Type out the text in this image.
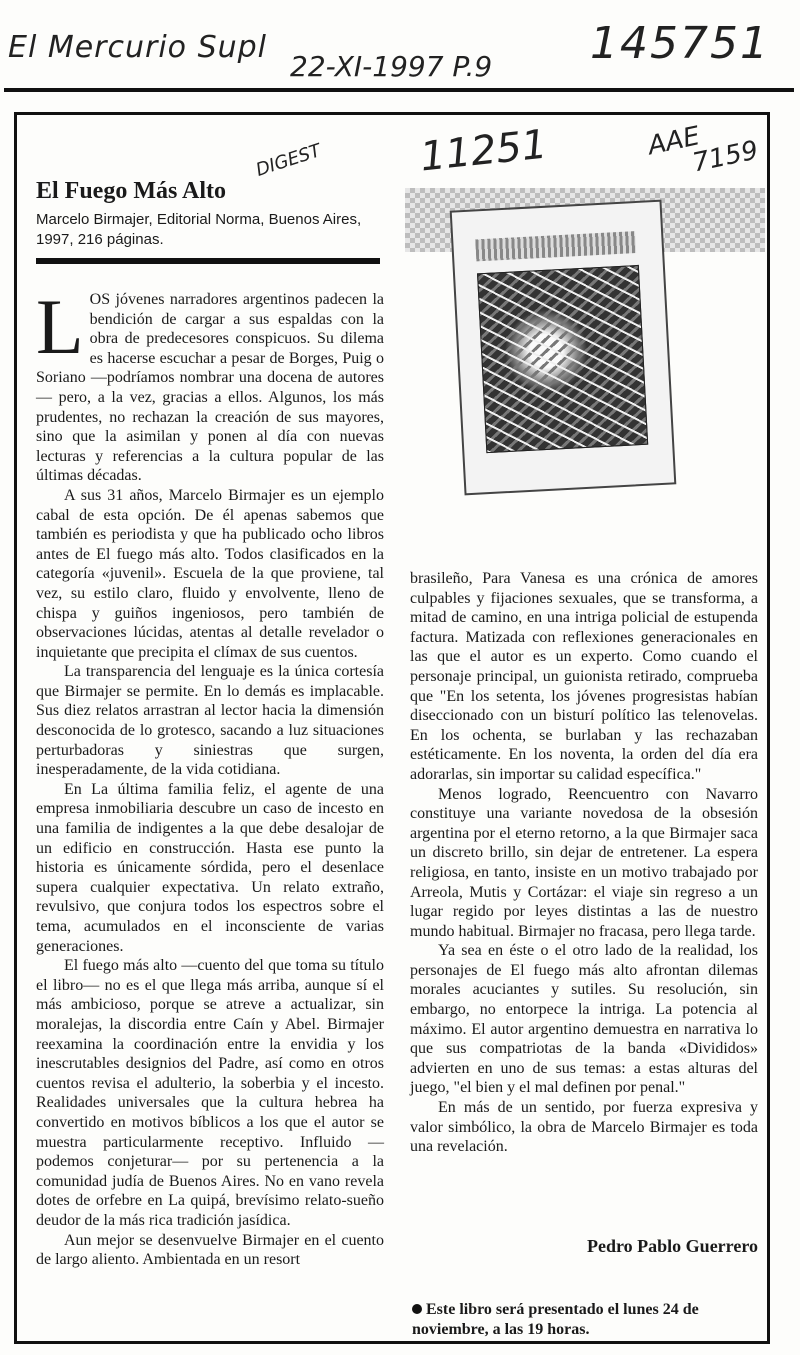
El Mercurio Supl
22-XI-1997 P.9 145751
DIGEST 11251	AAE
7159
El Fuego Más Alto

Marcelo Birmajer, Editorial Norma, Buenos Aires, 1997, 216 páginas.

LOS jóvenes narradores argentinos padecen la bendición de cargar a sus espaldas con la obra de predecesores conspicuos. Su dilema es hacerse escuchar a pesar de Borges, Puig o Soriano —podríamos nombrar una docena de autores— pero, a la vez, gracias a ellos. Algunos, los más prudentes, no rechazan la creación de sus mayores, sino que la asimilan y ponen al día con nuevas lecturas y referencias a la cultura popular de las últimas décadas.

A sus 31 años, Marcelo Birmajer es un ejemplo cabal de esta opción. De él apenas sabemos que también es periodista y que ha publicado ocho libros antes de El fuego más alto. Todos clasificados en la categoría «juvenil». Escuela de la que proviene, tal vez, su estilo claro, fluido y envolvente, lleno de chispa y guiños ingeniosos, pero también de observaciones lúcidas, atentas al detalle revelador o inquietante que precipita el clímax de sus cuentos.

La transparencia del lenguaje es la única cortesía que Birmajer se permite. En lo demás es implacable. Sus diez relatos arrastran al lector hacia la dimensión desconocida de lo grotesco, sacando a luz situaciones perturbadoras y siniestras que surgen, inesperadamente, de la vida cotidiana.

En La última familia feliz, el agente de una empresa inmobiliaria descubre un caso de incesto en una familia de indigentes a la que debe desalojar de un edificio en construcción. Hasta ese punto la historia es únicamente sórdida, pero el desenlace supera cualquier expectativa. Un relato extraño, revulsivo, que conjura todos los espectros sobre el tema, acumulados en el inconsciente de varias generaciones.

El fuego más alto —cuento del que toma su título el libro— no es el que llega más arriba, aunque sí el más ambicioso, porque se atreve a actualizar, sin moralejas, la discordia entre Caín y Abel. Birmajer reexamina la coordinación entre la envidia y los inescrutables designios del Padre, así como en otros cuentos revisa el adulterio, la soberbia y el incesto. Realidades universales que la cultura hebrea ha convertido en motivos bíblicos a los que el autor se muestra particularmente receptivo. Influido —podemos conjeturar— por su pertenencia a la comunidad judía de Buenos Aires. No en vano revela dotes de orfebre en La quipá, brevísimo relato-sueño deudor de la más rica tradición jasídica.

Aun mejor se desenvuelve Birmajer en el cuento de largo aliento. Ambientada en un resort

brasileño, Para Vanesa es una crónica de amores culpables y fijaciones sexuales, que se transforma, a mitad de camino, en una intriga policial de estupenda factura. Matizada con reflexiones generacionales en las que el autor es un experto. Como cuando el personaje principal, un guionista retirado, comprueba que "En los setenta, los jóvenes progresistas habían diseccionado con un bisturí político las telenovelas. En los ochenta, se burlaban y las rechazaban estéticamente. En los noventa, la orden del día era adorarlas, sin importar su calidad específica."

Menos logrado, Reencuentro con Navarro constituye una variante novedosa de la obsesión argentina por el eterno retorno, a la que Birmajer saca un discreto brillo, sin dejar de entretener. La espera religiosa, en tanto, insiste en un motivo trabajado por Arreola, Mutis y Cortázar: el viaje sin regreso a un lugar regido por leyes distintas a las de nuestro mundo habitual. Birmajer no fracasa, pero llega tarde.

Ya sea en éste o el otro lado de la realidad, los personajes de El fuego más alto afrontan dilemas morales acuciantes y sutiles. Su resolución, sin embargo, no entorpece la intriga. La potencia al máximo. El autor argentino demuestra en narrativa lo que sus compatriotas de la banda «Divididos» advierten en uno de sus temas: a estas alturas del juego, "el bien y el mal definen por penal."

En más de un sentido, por fuerza expresiva y valor simbólico, la obra de Marcelo Birmajer es toda una revelación.

Pedro Pablo Guerrero

Este libro será presentado el lunes 24 de noviembre, a las 19 horas.
